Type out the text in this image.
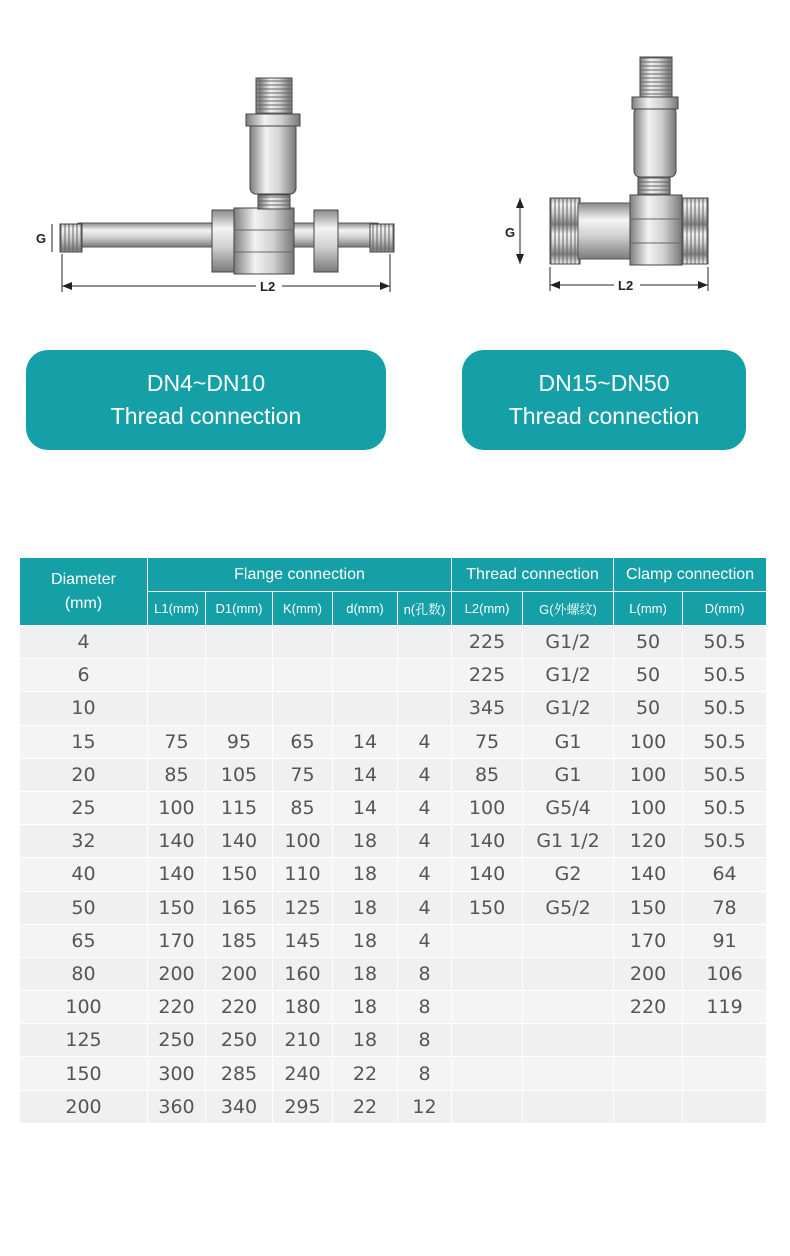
G
L2
G
L2
DN4~DN10
Thread connection
DN15~DN50
Thread connection
Diameter
(mm)	Flange connection					Thread connection		Clamp connection	
	L1(mm)	D1(mm)	K(mm)	d(mm)	n(孔数)	L2(mm)	G(外螺纹)	L(mm)	D(mm)
4						225	G1/2	50	50.5
6						225	G1/2	50	50.5
10						345	G1/2	50	50.5
15	75	95	65	14	4	75	G1	100	50.5
20	85	105	75	14	4	85	G1	100	50.5
25	100	115	85	14	4	100	G5/4	100	50.5
32	140	140	100	18	4	140	G1 1/2	120	50.5
40	140	150	110	18	4	140	G2	140	64
50	150	165	125	18	4	150	G5/2	150	78
65	170	185	145	18	4			170	91
80	200	200	160	18	8			200	106
100	220	220	180	18	8			220	119
125	250	250	210	18	8				
150	300	285	240	22	8				
200	360	340	295	22	12				
